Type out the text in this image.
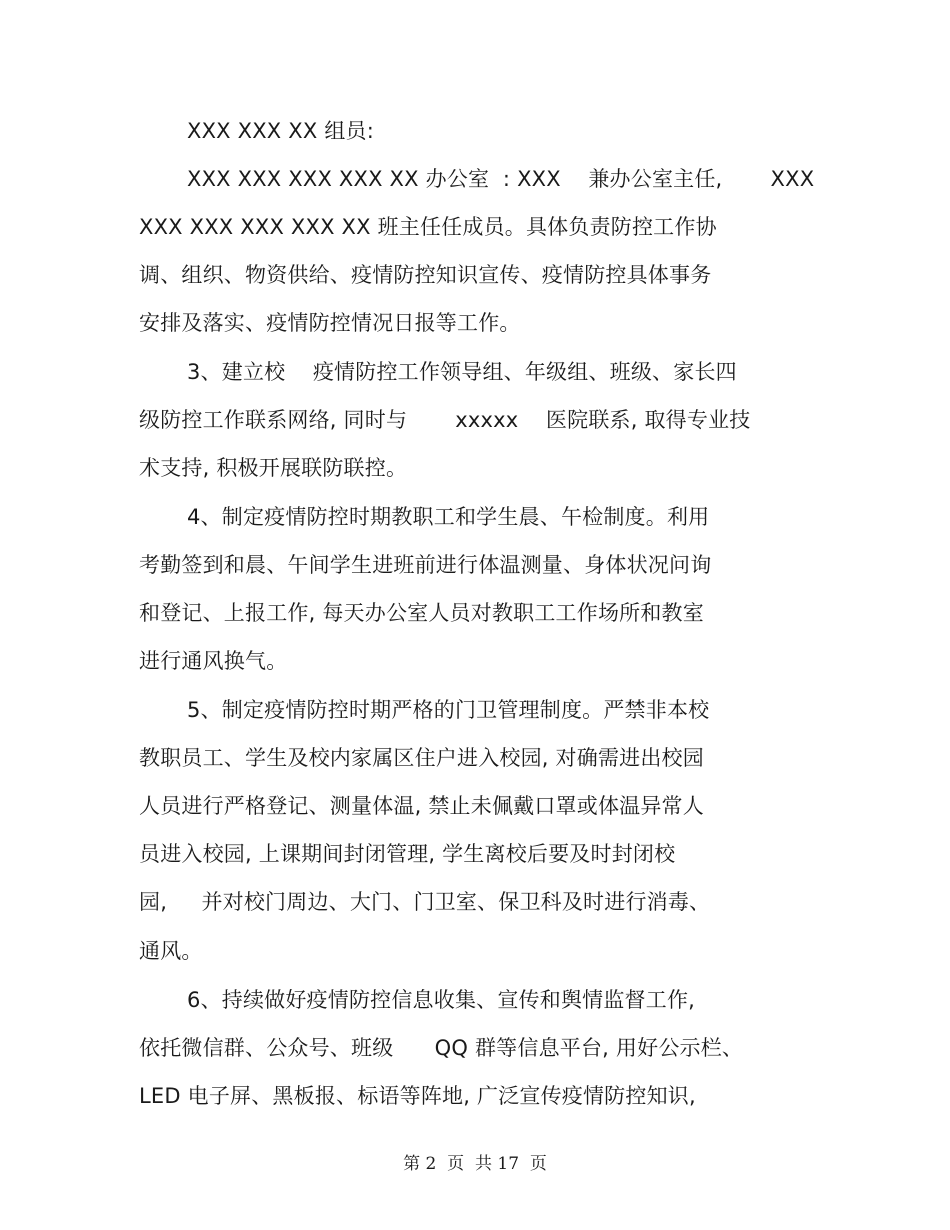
XXX XXX XX 组员:

XXX XXX XXX XXX XX 办公室  : XXX    兼办公室主任,       XXX

XXX XXX XXX XXX XX 班主任任成员。具体负责防控工作协

调、组织、物资供给、疫情防控知识宣传、疫情防控具体事务

安排及落实、疫情防控情况日报等工作。

3、建立校    疫情防控工作领导组、年级组、班级、家长四

级防控工作联系网络, 同时与       xxxxx    医院联系, 取得专业技

术支持, 积极开展联防联控。

4、制定疫情防控时期教职工和学生晨、午检制度。利用

考勤签到和晨、午间学生进班前进行体温测量、身体状况问询

和登记、上报工作, 每天办公室人员对教职工工作场所和教室

进行通风换气。

5、制定疫情防控时期严格的门卫管理制度。严禁非本校

教职员工、学生及校内家属区住户进入校园, 对确需进出校园

人员进行严格登记、测量体温, 禁止未佩戴口罩或体温异常人

员进入校园, 上课期间封闭管理, 学生离校后要及时封闭校

园,     并对校门周边、大门、门卫室、保卫科及时进行消毒、

通风。

6、持续做好疫情防控信息收集、宣传和舆情监督工作,

依托微信群、公众号、班级      QQ 群等信息平台, 用好公示栏、

LED 电子屏、黑板报、标语等阵地, 广泛宣传疫情防控知识,

第 2  页  共 17  页
